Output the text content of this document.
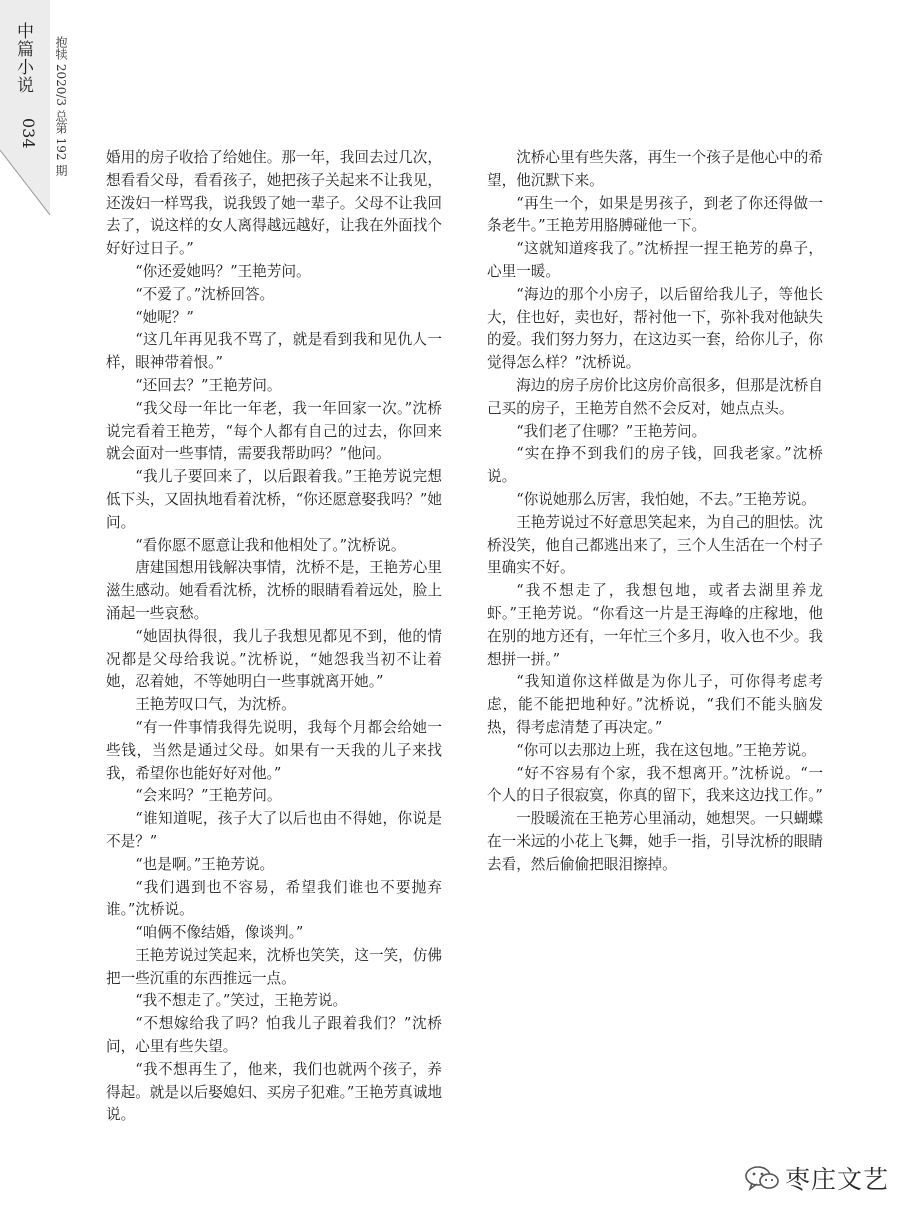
中篇小说
034 抱犊 2020/3 总第 192 期	婚用的房子收拾了给她住。那一年，我回去过几次，想看看父母，看看孩子，她把孩子关起来不让我见，还泼妇一样骂我，说我毁了她一辈子。父母不让我回去了，说这样的女人离得越远越好，让我在外面找个好好过日子。”

“你还爱她吗？”王艳芳问。

“不爱了。”沈桥回答。

“她呢？”

“这几年再见我不骂了，就是看到我和见仇人一样，眼神带着恨。”

“还回去？”王艳芳问。

“我父母一年比一年老，我一年回家一次。”沈桥说完看着王艳芳，“每个人都有自己的过去，你回来就会面对一些事情，需要我帮助吗？”他问。

“我儿子要回来了，以后跟着我。”王艳芳说完想低下头，又固执地看着沈桥，“你还愿意娶我吗？”她问。

“看你愿不愿意让我和他相处了。”沈桥说。

唐建国想用钱解决事情，沈桥不是，王艳芳心里滋生感动。她看看沈桥，沈桥的眼睛看着远处，脸上涌起一些哀愁。

“她固执得很，我儿子我想见都见不到，他的情况都是父母给我说。”沈桥说，“她怨我当初不让着她，忍着她，不等她明白一些事就离开她。”

王艳芳叹口气，为沈桥。

“有一件事情我得先说明，我每个月都会给她一些钱，当然是通过父母。如果有一天我的儿子来找我，希望你也能好好对他。”

“会来吗？”王艳芳问。

“谁知道呢，孩子大了以后也由不得她，你说是不是？”

“也是啊。”王艳芳说。

“我们遇到也不容易，希望我们谁也不要抛弃谁。”沈桥说。

“咱俩不像结婚，像谈判。”

王艳芳说过笑起来，沈桥也笑笑，这一笑，仿佛把一些沉重的东西推远一点。

“我不想走了。”笑过，王艳芳说。

“不想嫁给我了吗？怕我儿子跟着我们？”沈桥问，心里有些失望。

“我不想再生了，他来，我们也就两个孩子，养得起。就是以后娶媳妇、买房子犯难。”王艳芳真诚地说。

沈桥心里有些失落，再生一个孩子是他心中的希望，他沉默下来。

“再生一个，如果是男孩子，到老了你还得做一条老牛。”王艳芳用胳膊碰他一下。

“这就知道疼我了。”沈桥捏一捏王艳芳的鼻子，心里一暖。

“海边的那个小房子，以后留给我儿子，等他长大，住也好，卖也好，帮衬他一下，弥补我对他缺失的爱。我们努力努力，在这边买一套，给你儿子，你觉得怎么样？”沈桥说。

海边的房子房价比这房价高很多，但那是沈桥自己买的房子，王艳芳自然不会反对，她点点头。

“我们老了住哪？”王艳芳问。

“实在挣不到我们的房子钱，回我老家。”沈桥说。

“你说她那么厉害，我怕她，不去。”王艳芳说。

王艳芳说过不好意思笑起来，为自己的胆怯。沈桥没笑，他自己都逃出来了，三个人生活在一个村子里确实不好。

“我不想走了，我想包地，或者去湖里养龙虾。”王艳芳说。“你看这一片是王海峰的庄稼地，他在别的地方还有，一年忙三个多月，收入也不少。我想拼一拼。”

“我知道你这样做是为你儿子，可你得考虑考虑，能不能把地种好。”沈桥说，“我们不能头脑发热，得考虑清楚了再决定。”

“你可以去那边上班，我在这包地。”王艳芳说。

“好不容易有个家，我不想离开。”沈桥说。“一个人的日子很寂寞，你真的留下，我来这边找工作。”

一股暖流在王艳芳心里涌动，她想哭。一只蝴蝶在一米远的小花上飞舞，她手一指，引导沈桥的眼睛去看，然后偷偷把眼泪擦掉。

枣庄文艺
